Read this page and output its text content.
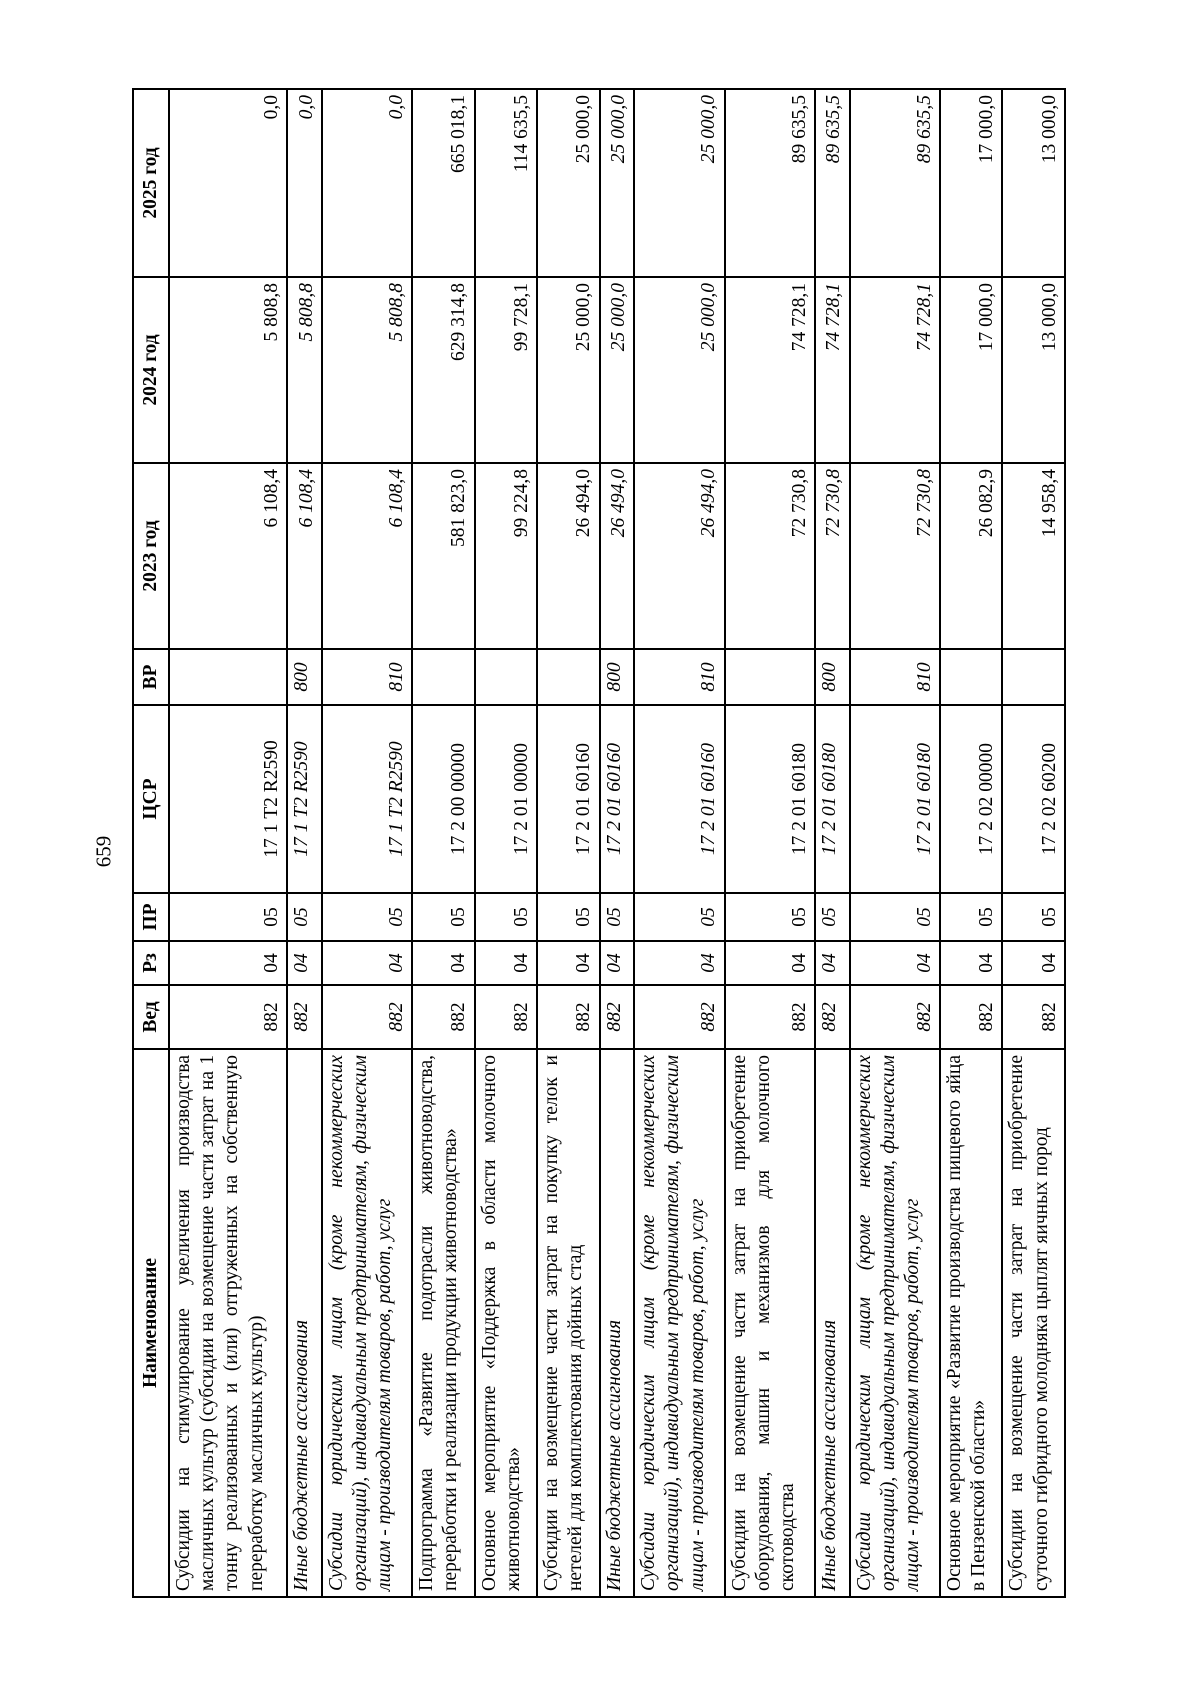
659
Наименование	Вед	Рз	ПР	ЦСР	ВР	2023 год	2024 год	2025 год
Субсидии на стимулирование увеличения производства масличных культур (субсидии на возмещение части затрат на 1 тонну реализованных и (или) отгруженных на собственную переработку масличных культур)	882	04	05	17 1 Т2 R2590		6 108,4	5 808,8	0,0
Иные бюджетные ассигнования	882	04	05	17 1 Т2 R2590	800	6 108,4	5 808,8	0,0
Субсидии юридическим лицам (кроме некоммерческих организаций), индивидуальным предпринимателям, физическим лицам - производителям товаров, работ, услуг	882	04	05	17 1 Т2 R2590	810	6 108,4	5 808,8	0,0
Подпрограмма «Развитие подотрасли животноводства, переработки и реализации продукции животноводства»	882	04	05	17 2 00 00000		581 823,0	629 314,8	665 018,1
Основное мероприятие «Поддержка в области молочного животноводства»	882	04	05	17 2 01 00000		99 224,8	99 728,1	114 635,5
Субсидии на возмещение части затрат на покупку телок и нетелей для комплектования дойных стад	882	04	05	17 2 01 60160		26 494,0	25 000,0	25 000,0
Иные бюджетные ассигнования	882	04	05	17 2 01 60160	800	26 494,0	25 000,0	25 000,0
Субсидии юридическим лицам (кроме некоммерческих организаций), индивидуальным предпринимателям, физическим лицам - производителям товаров, работ, услуг	882	04	05	17 2 01 60160	810	26 494,0	25 000,0	25 000,0
Субсидии на возмещение части затрат на приобретение оборудования, машин и механизмов для молочного скотоводства	882	04	05	17 2 01 60180		72 730,8	74 728,1	89 635,5
Иные бюджетные ассигнования	882	04	05	17 2 01 60180	800	72 730,8	74 728,1	89 635,5
Субсидии юридическим лицам (кроме некоммерческих организаций), индивидуальным предпринимателям, физическим лицам - производителям товаров, работ, услуг	882	04	05	17 2 01 60180	810	72 730,8	74 728,1	89 635,5
Основное мероприятие «Развитие производства пищевого яйца в Пензенской области»	882	04	05	17 2 02 00000		26 082,9	17 000,0	17 000,0
Субсидии на возмещение части затрат на приобретение суточного гибридного молодняка цыплят яичных пород	882	04	05	17 2 02 60200		14 958,4	13 000,0	13 000,0
